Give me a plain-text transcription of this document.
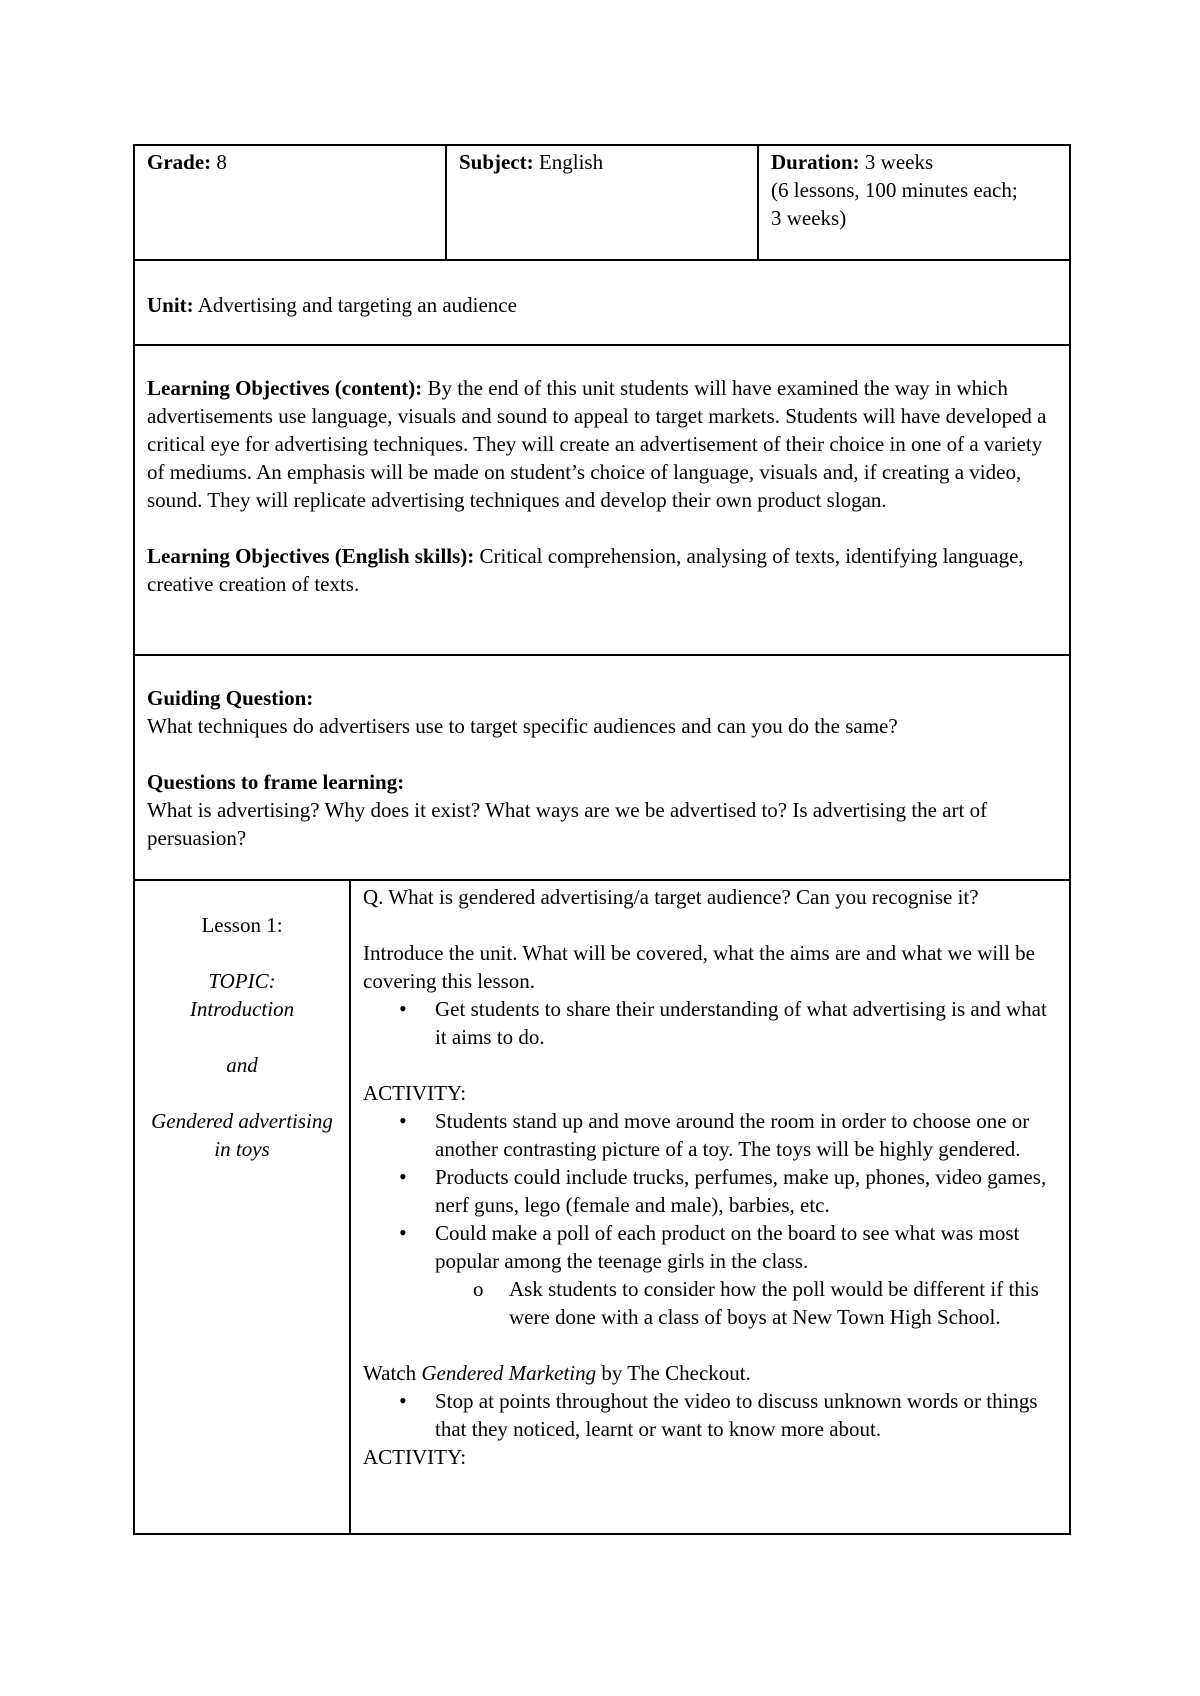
Grade: 8	Subject: English	Duration: 3 weeks
(6 lessons, 100 minutes each;
3 weeks)
Unit: Advertising and targeting an audience
Learning Objectives (content): By the end of this unit students will have examined the way in which advertisements use language, visuals and sound to appeal to target markets. Students will have developed a critical eye for advertising techniques. They will create an advertisement of their choice in one of a variety of mediums. An emphasis will be made on student’s choice of language, visuals and, if creating a video, sound. They will replicate advertising techniques and develop their own product slogan.
Learning Objectives (English skills): Critical comprehension, analysing of texts, identifying language, creative creation of texts.
Guiding Question:
What techniques do advertisers use to target specific audiences and can you do the same?
Questions to frame learning:
What is advertising? Why does it exist? What ways are we be advertised to? Is advertising the art of persuasion?
Lesson 1:
TOPIC:
Introduction
and
Gendered advertising in toys
Q. What is gendered advertising/a target audience? Can you recognise it?
Introduce the unit. What will be covered, what the aims are and what we will be covering this lesson.
• Get students to share their understanding of what advertising is and what it aims to do.
ACTIVITY:
• Students stand up and move around the room in order to choose one or another contrasting picture of a toy. The toys will be highly gendered.
• Products could include trucks, perfumes, make up, phones, video games, nerf guns, lego (female and male), barbies, etc.
• Could make a poll of each product on the board to see what was most popular among the teenage girls in the class.
o Ask students to consider how the poll would be different if this were done with a class of boys at New Town High School.
Watch Gendered Marketing by The Checkout.
• Stop at points throughout the video to discuss unknown words or things that they noticed, learnt or want to know more about.
ACTIVITY:
